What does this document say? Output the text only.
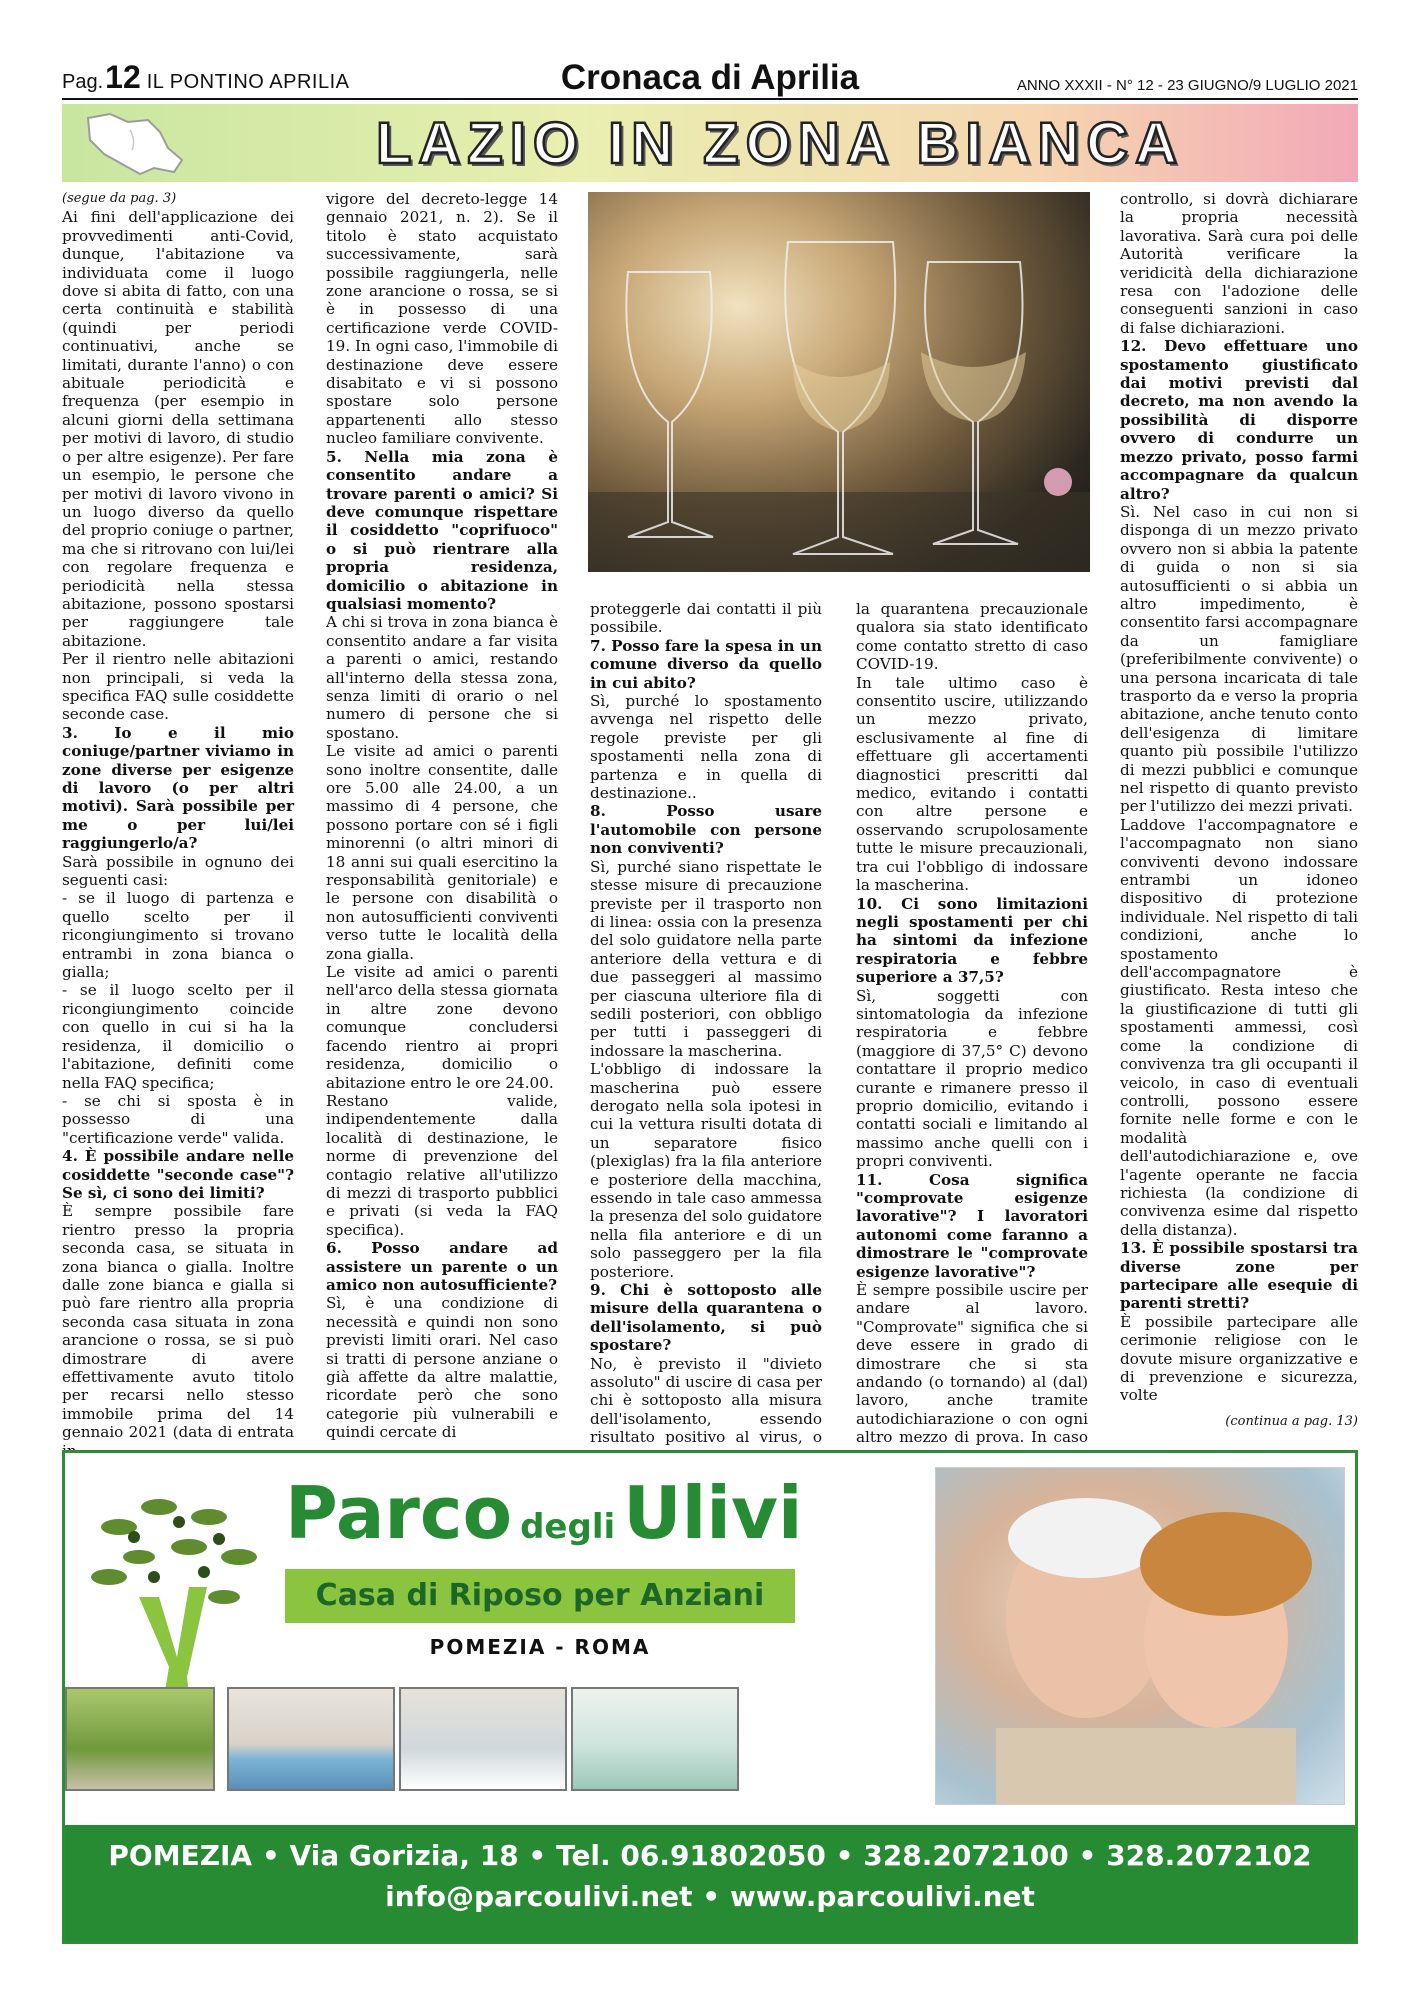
Pag.12 IL PONTINO APRILIA	Cronaca di Aprilia	ANNO XXXII - N° 12 - 23 GIUGNO/9 LUGLIO 2021
LAZIO IN ZONA BIANCA

(segue da pag. 3)

Ai fini dell'applicazione dei provvedimenti anti-Covid, dunque, l'abitazione va individuata come il luogo dove si abita di fatto, con una certa continuità e stabilità (quindi per periodi continuativi, anche se limitati, durante l'anno) o con abituale periodicità e frequenza (per esempio in alcuni giorni della settimana per motivi di lavoro, di studio o per altre esigenze). Per fare un esempio, le persone che per motivi di lavoro vivono in un luogo diverso da quello del proprio coniuge o partner, ma che si ritrovano con lui/lei con regolare frequenza e periodicità nella stessa abitazione, possono spostarsi per raggiungere tale abitazione.

Per il rientro nelle abitazioni non principali, si veda la specifica FAQ sulle cosiddette seconde case.

3. Io e il mio coniuge/partner viviamo in zone diverse per esigenze di lavoro (o per altri motivi). Sarà possibile per me o per lui/lei raggiungerlo/a?

Sarà possibile in ognuno dei seguenti casi:

- se il luogo di partenza e quello scelto per il ricongiungimento si trovano entrambi in zona bianca o gialla;

- se il luogo scelto per il ricongiungimento coincide con quello in cui si ha la residenza, il domicilio o l'abitazione, definiti come nella FAQ specifica;

- se chi si sposta è in possesso di una "certificazione verde" valida.

4. È possibile andare nelle cosiddette "seconde case"? Se sì, ci sono dei limiti?

È sempre possibile fare rientro presso la propria seconda casa, se situata in zona bianca o gialla. Inoltre dalle zone bianca e gialla si può fare rientro alla propria seconda casa situata in zona arancione o rossa, se si può dimostrare di avere effettivamente avuto titolo per recarsi nello stesso immobile prima del 14 gennaio 2021 (data di entrata

vigore del decreto-legge 14 gennaio 2021, n. 2). Se il titolo è stato acquistato successivamente, sarà possibile raggiungerla, nelle zone arancione o rossa, se si è in possesso di una certificazione verde COVID-19. In ogni caso, l'immobile di destinazione deve essere disabitato e vi si possono spostare solo persone appartenenti allo stesso nucleo familiare convivente.

5. Nella mia zona è consentito andare a trovare parenti o amici? Si deve comunque rispettare il cosiddetto "coprifuoco" o si può rientrare alla propria residenza, domicilio o abitazione in qualsiasi momento?

A chi si trova in zona bianca è consentito andare a far visita a parenti o amici, restando all'interno della stessa zona, senza limiti di orario o nel numero di persone che si spostano.

Le visite ad amici o parenti sono inoltre consentite, dalle ore 5.00 alle 24.00, a un massimo di 4 persone, che possono portare con sé i figli minorenni (o altri minori di 18 anni sui quali esercitino la responsabilità genitoriale) e le persone con disabilità o non autosufficienti conviventi verso tutte le località della zona gialla.

Le visite ad amici o parenti nell'arco della stessa giornata in altre zone devono comunque concludersi facendo rientro ai propri residenza, domicilio o abitazione entro le ore 24.00.

Restano valide, indipendentemente dalla località di destinazione, le norme di prevenzione del contagio relative all'utilizzo di mezzi di trasporto pubblici e privati (si veda la FAQ specifica).

6. Posso andare ad assistere un parente o un amico non autosufficiente?

Sì, è una condizione di necessità e quindi non sono previsti limiti orari. Nel caso si tratti di persone anziane o già affette da altre malattie, ricordate però che sono categorie più vulnerabili e quindi cercate di

proteggerle dai contatti il più possibile.

7. Posso fare la spesa in un comune diverso da quello in cui abito?

Sì, purché lo spostamento avvenga nel rispetto delle regole previste per gli spostamenti nella zona di partenza e in quella di destinazione..

8. Posso usare l'automobile con persone non conviventi?

Sì, purché siano rispettate le stesse misure di precauzione previste per il trasporto non di linea: ossia con la presenza del solo guidatore nella parte anteriore della vettura e di due passeggeri al massimo per ciascuna ulteriore fila di sedili posteriori, con obbligo per tutti i passeggeri di indossare la mascherina.

L'obbligo di indossare la mascherina può essere derogato nella sola ipotesi in cui la vettura risulti dotata di un separatore fisico (plexiglas) fra la fila anteriore e posteriore della macchina, essendo in tale caso ammessa la presenza del solo guidatore nella fila anteriore e di un solo passeggero per la fila posteriore.

9. Chi è sottoposto alle misure della quarantena o dell'isolamento, si può spostare?

No, è previsto il "divieto assoluto" di uscire di casa per chi è sottoposto alla misura dell'isolamento, essendo risultato positivo al virus, o

la quarantena precauzionale qualora sia stato identificato come contatto stretto di caso COVID-19.

In tale ultimo caso è consentito uscire, utilizzando un mezzo privato, esclusivamente al fine di effettuare gli accertamenti diagnostici prescritti dal medico, evitando i contatti con altre persone e osservando scrupolosamente tutte le misure precauzionali, tra cui l'obbligo di indossare la mascherina.

10. Ci sono limitazioni negli spostamenti per chi ha sintomi da infezione respiratoria e febbre superiore a 37,5?

Sì, soggetti con sintomatologia da infezione respiratoria e febbre (maggiore di 37,5° C) devono contattare il proprio medico curante e rimanere presso il proprio domicilio, evitando i contatti sociali e limitando al massimo anche quelli con i propri conviventi.

11. Cosa significa "comprovate esigenze lavorative"? I lavoratori autonomi come faranno a dimostrare le "comprovate esigenze lavorative"?

È sempre possibile uscire per andare al lavoro. "Comprovate" significa che si deve essere in grado di dimostrare che si sta andando (o tornando) al (dal) lavoro, anche tramite autodichiarazione o con ogni altro mezzo di prova. In caso

controllo, si dovrà dichiarare la propria necessità lavorativa. Sarà cura poi delle Autorità verificare la veridicità della dichiarazione resa con l'adozione delle conseguenti sanzioni in caso di false dichiarazioni.

12. Devo effettuare uno spostamento giustificato dai motivi previsti dal decreto, ma non avendo la possibilità di disporre ovvero di condurre un mezzo privato, posso farmi accompagnare da qualcun altro?

Sì. Nel caso in cui non si disponga di un mezzo privato ovvero non si abbia la patente di guida o non si sia autosufficienti o si abbia un altro impedimento, è consentito farsi accompagnare da un famigliare (preferibilmente convivente) o una persona incaricata di tale trasporto da e verso la propria abitazione, anche tenuto conto dell'esigenza di limitare quanto più possibile l'utilizzo di mezzi pubblici e comunque nel rispetto di quanto previsto per l'utilizzo dei mezzi privati.

Laddove l'accompagnatore e l'accompagnato non siano conviventi devono indossare entrambi un idoneo dispositivo di protezione individuale. Nel rispetto di tali condizioni, anche lo spostamento dell'accompagnatore è giustificato. Resta inteso che la giustificazione di tutti gli spostamenti ammessi, così come la condizione di convivenza tra gli occupanti il veicolo, in caso di eventuali controlli, possono essere fornite nelle forme e con le modalità dell'autodichiarazione e, ove l'agente operante ne faccia richiesta (la condizione di convivenza esime dal rispetto della distanza).

13. È possibile spostarsi tra diverse zone per partecipare alle esequie di parenti stretti?

È possibile partecipare alle cerimonie religiose con le dovute misure organizzative e di prevenzione e sicurezza, volte

(continua a pag. 13)
Parco degli Ulivi
Casa di Riposo per Anziani
POMEZIA - ROMA
POMEZIA • Via Gorizia, 18 • Tel. 06.91802050 • 328.2072100 • 328.2072102
info@parcoulivi.net • www.parcoulivi.net
